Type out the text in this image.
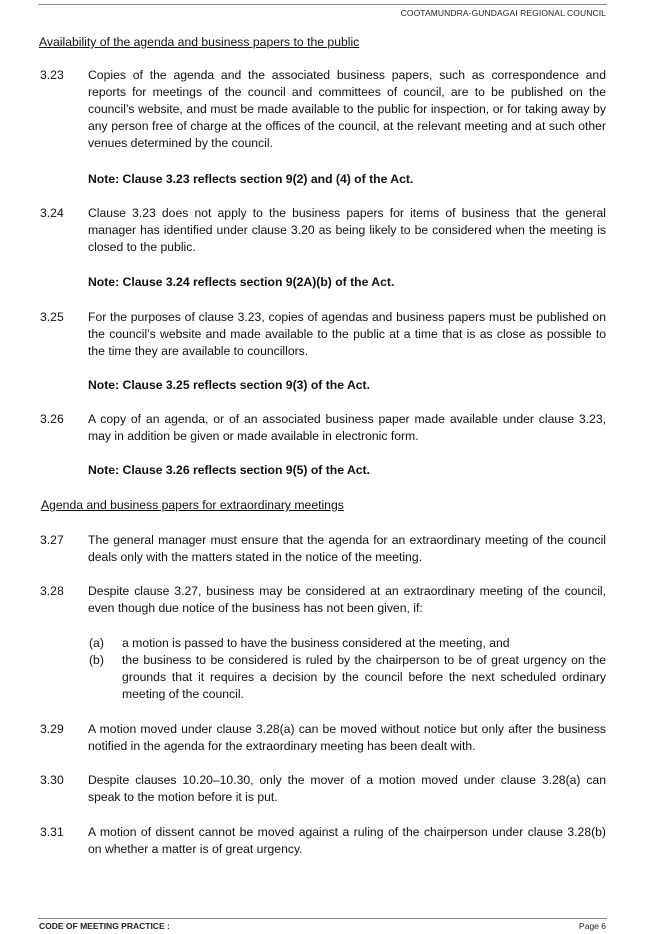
COOTAMUNDRA-GUNDAGAI REGIONAL COUNCIL
Availability of the agenda and business papers to the public
3.23 Copies of the agenda and the associated business papers, such as correspondence and reports for meetings of the council and committees of council, are to be published on the council’s website, and must be made available to the public for inspection, or for taking away by any person free of charge at the offices of the council, at the relevant meeting and at such other venues determined by the council.

Note: Clause 3.23 reflects section 9(2) and (4) of the Act.
3.24 Clause 3.23 does not apply to the business papers for items of business that the general manager has identified under clause 3.20 as being likely to be considered when the meeting is closed to the public.

Note: Clause 3.24 reflects section 9(2A)(b) of the Act.
3.25 For the purposes of clause 3.23, copies of agendas and business papers must be published on the council’s website and made available to the public at a time that is as close as possible to the time they are available to councillors.

Note: Clause 3.25 reflects section 9(3) of the Act.
3.26 A copy of an agenda, or of an associated business paper made available under clause 3.23, may in addition be given or made available in electronic form.

Note: Clause 3.26 reflects section 9(5) of the Act.
Agenda and business papers for extraordinary meetings
3.27 The general manager must ensure that the agenda for an extraordinary meeting of the council deals only with the matters stated in the notice of the meeting.

3.28 Despite clause 3.27, business may be considered at an extraordinary meeting of the council, even though due notice of the business has not been given, if:

(a) a motion is passed to have the business considered at the meeting, and

(b) the business to be considered is ruled by the chairperson to be of great urgency on the grounds that it requires a decision by the council before the next scheduled ordinary meeting of the council.

3.29 A motion moved under clause 3.28(a) can be moved without notice but only after the business notified in the agenda for the extraordinary meeting has been dealt with.

3.30 Despite clauses 10.20–10.30, only the mover of a motion moved under clause 3.28(a) can speak to the motion before it is put.

3.31 A motion of dissent cannot be moved against a ruling of the chairperson under clause 3.28(b) on whether a matter is of great urgency.

CODE OF MEETING PRACTICE :	Page 6
